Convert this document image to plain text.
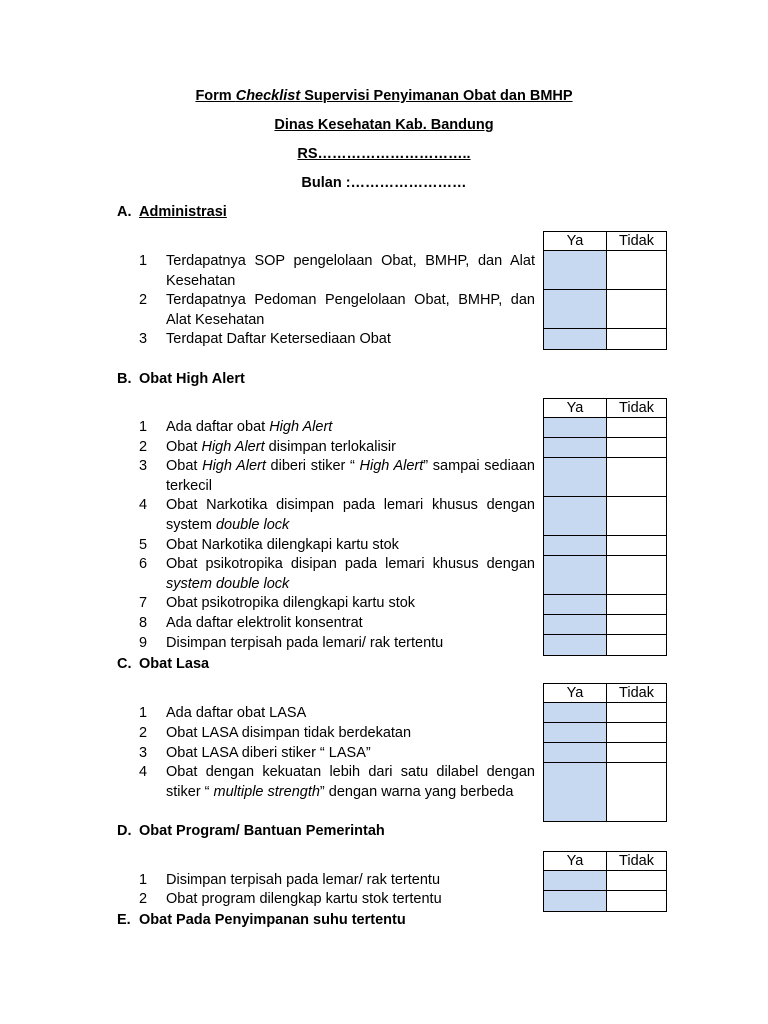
Form Checklist Supervisi Penyimanan Obat dan BMHP
Dinas Kesehatan Kab. Bandung
RS…………………………..
Bulan :……………………
A. Administrasi
Ya	Tidak
1	Terdapatnya SOP pengelolaan Obat, BMHP, dan Alat Kesehatan
2	Terdapatnya Pedoman Pengelolaan Obat, BMHP, dan Alat Kesehatan
3	Terdapat Daftar Ketersediaan Obat
B. Obat High Alert
Ya	Tidak
1	Ada daftar obat High Alert
2	Obat High Alert disimpan terlokalisir
3	Obat High Alert diberi stiker “ High Alert” sampai sediaan terkecil
4	Obat Narkotika disimpan pada lemari khusus dengan system double lock
5	Obat Narkotika dilengkapi kartu stok
6	Obat psikotropika disipan pada lemari khusus dengan system double lock
7	Obat psikotropika dilengkapi kartu stok
8	Ada daftar elektrolit konsentrat
9	Disimpan terpisah pada lemari/ rak tertentu
C. Obat Lasa
Ya	Tidak
1	Ada daftar obat LASA
2	Obat LASA disimpan tidak berdekatan
3	Obat LASA diberi stiker “ LASA”
4	Obat dengan kekuatan lebih dari satu dilabel dengan stiker “ multiple strength” dengan warna yang berbeda
D. Obat Program/ Bantuan Pemerintah
Ya	Tidak
1	Disimpan terpisah pada lemar/ rak tertentu
2	Obat program dilengkap kartu stok tertentu
E. Obat Pada Penyimpanan suhu tertentu
